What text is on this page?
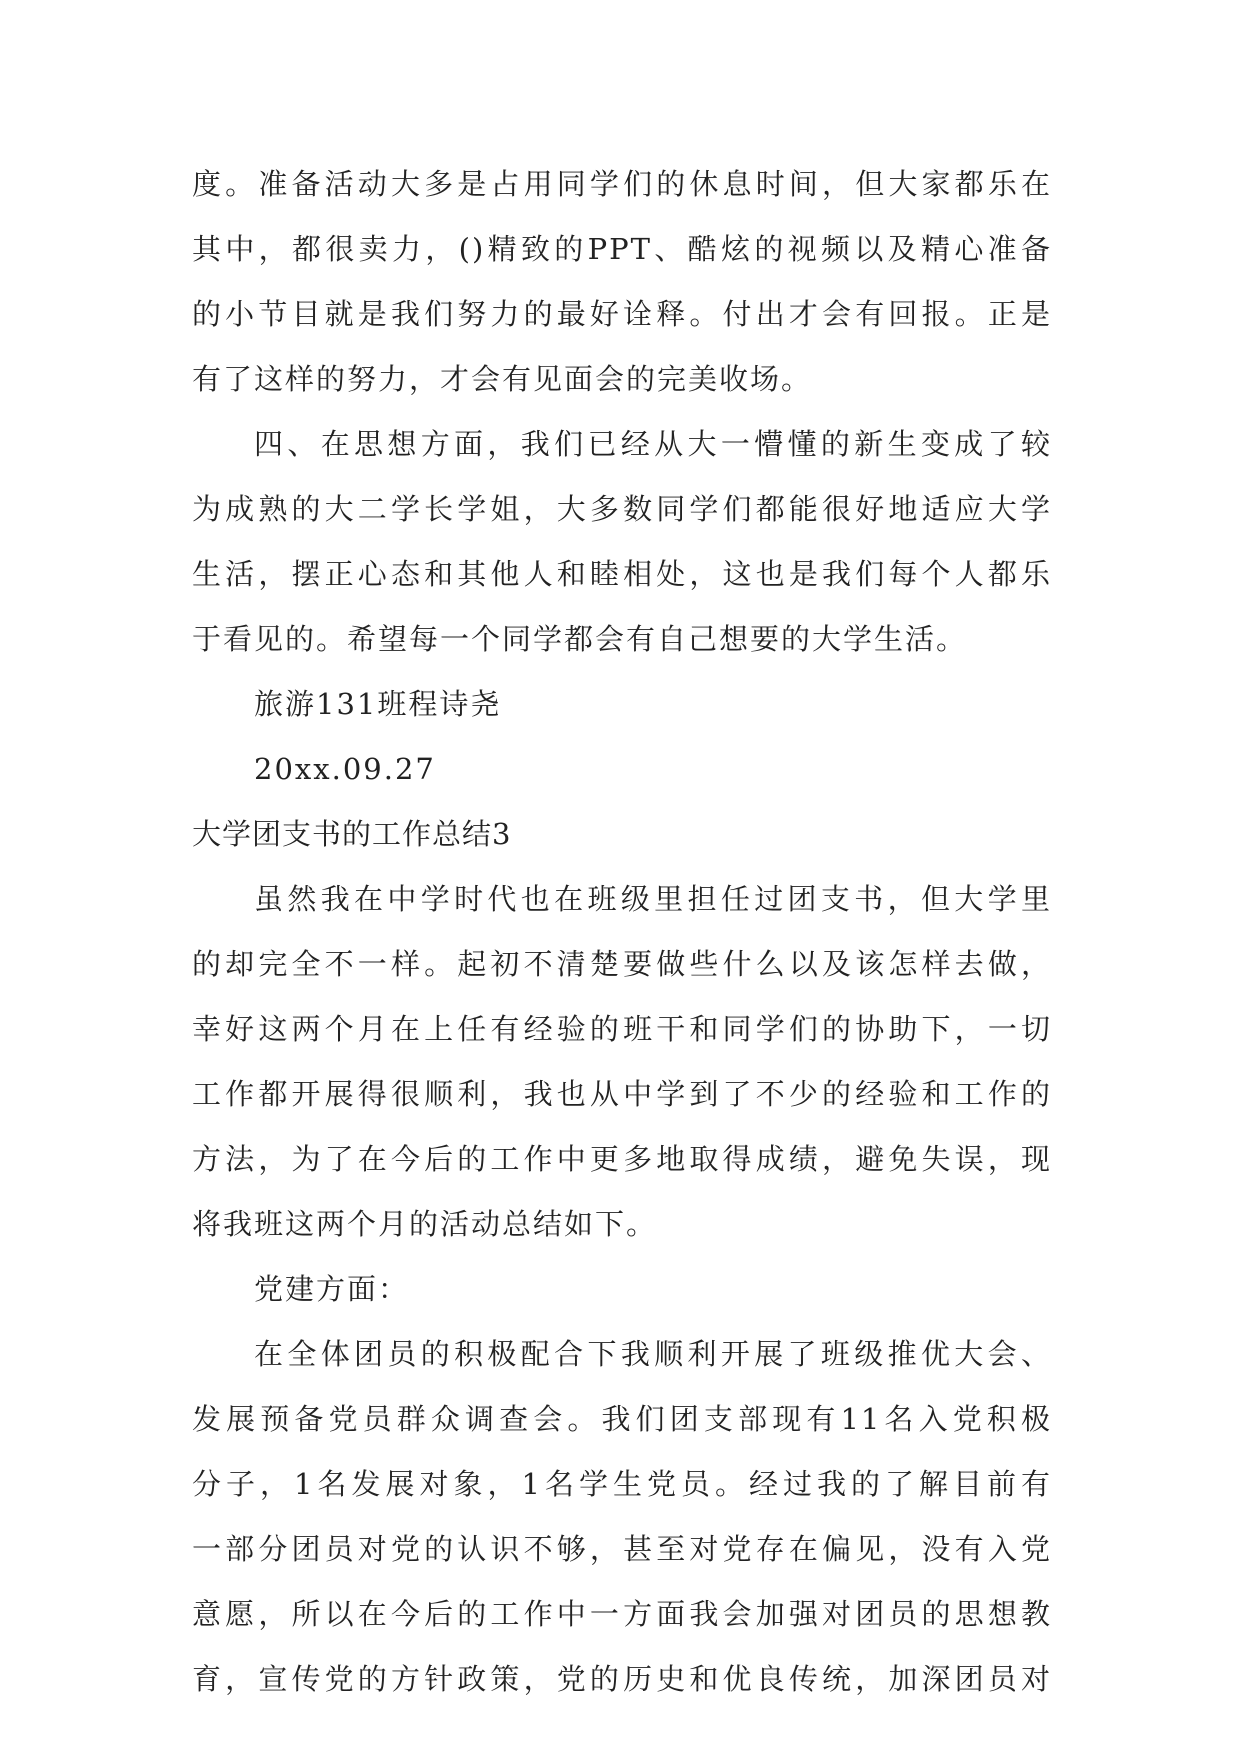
度。准备活动大多是占用同学们的休息时间，但大家都乐在
其中，都很卖力，()精致的PPT、酷炫的视频以及精心准备
的小节目就是我们努力的最好诠释。付出才会有回报。正是
有了这样的努力，才会有见面会的完美收场。
四、在思想方面，我们已经从大一懵懂的新生变成了较
为成熟的大二学长学姐，大多数同学们都能很好地适应大学
生活，摆正心态和其他人和睦相处，这也是我们每个人都乐
于看见的。希望每一个同学都会有自己想要的大学生活。
旅游131班程诗尧
20xx.09.27
大学团支书的工作总结3
虽然我在中学时代也在班级里担任过团支书，但大学里
的却完全不一样。起初不清楚要做些什么以及该怎样去做，
幸好这两个月在上任有经验的班干和同学们的协助下，一切
工作都开展得很顺利，我也从中学到了不少的经验和工作的
方法，为了在今后的工作中更多地取得成绩，避免失误，现
将我班这两个月的活动总结如下。
党建方面：
在全体团员的积极配合下我顺利开展了班级推优大会、
发展预备党员群众调查会。我们团支部现有11名入党积极
分子，1名发展对象，1名学生党员。经过我的了解目前有
一部分团员对党的认识不够，甚至对党存在偏见，没有入党
意愿，所以在今后的工作中一方面我会加强对团员的思想教
育，宣传党的方针政策，党的历史和优良传统，加深团员对
